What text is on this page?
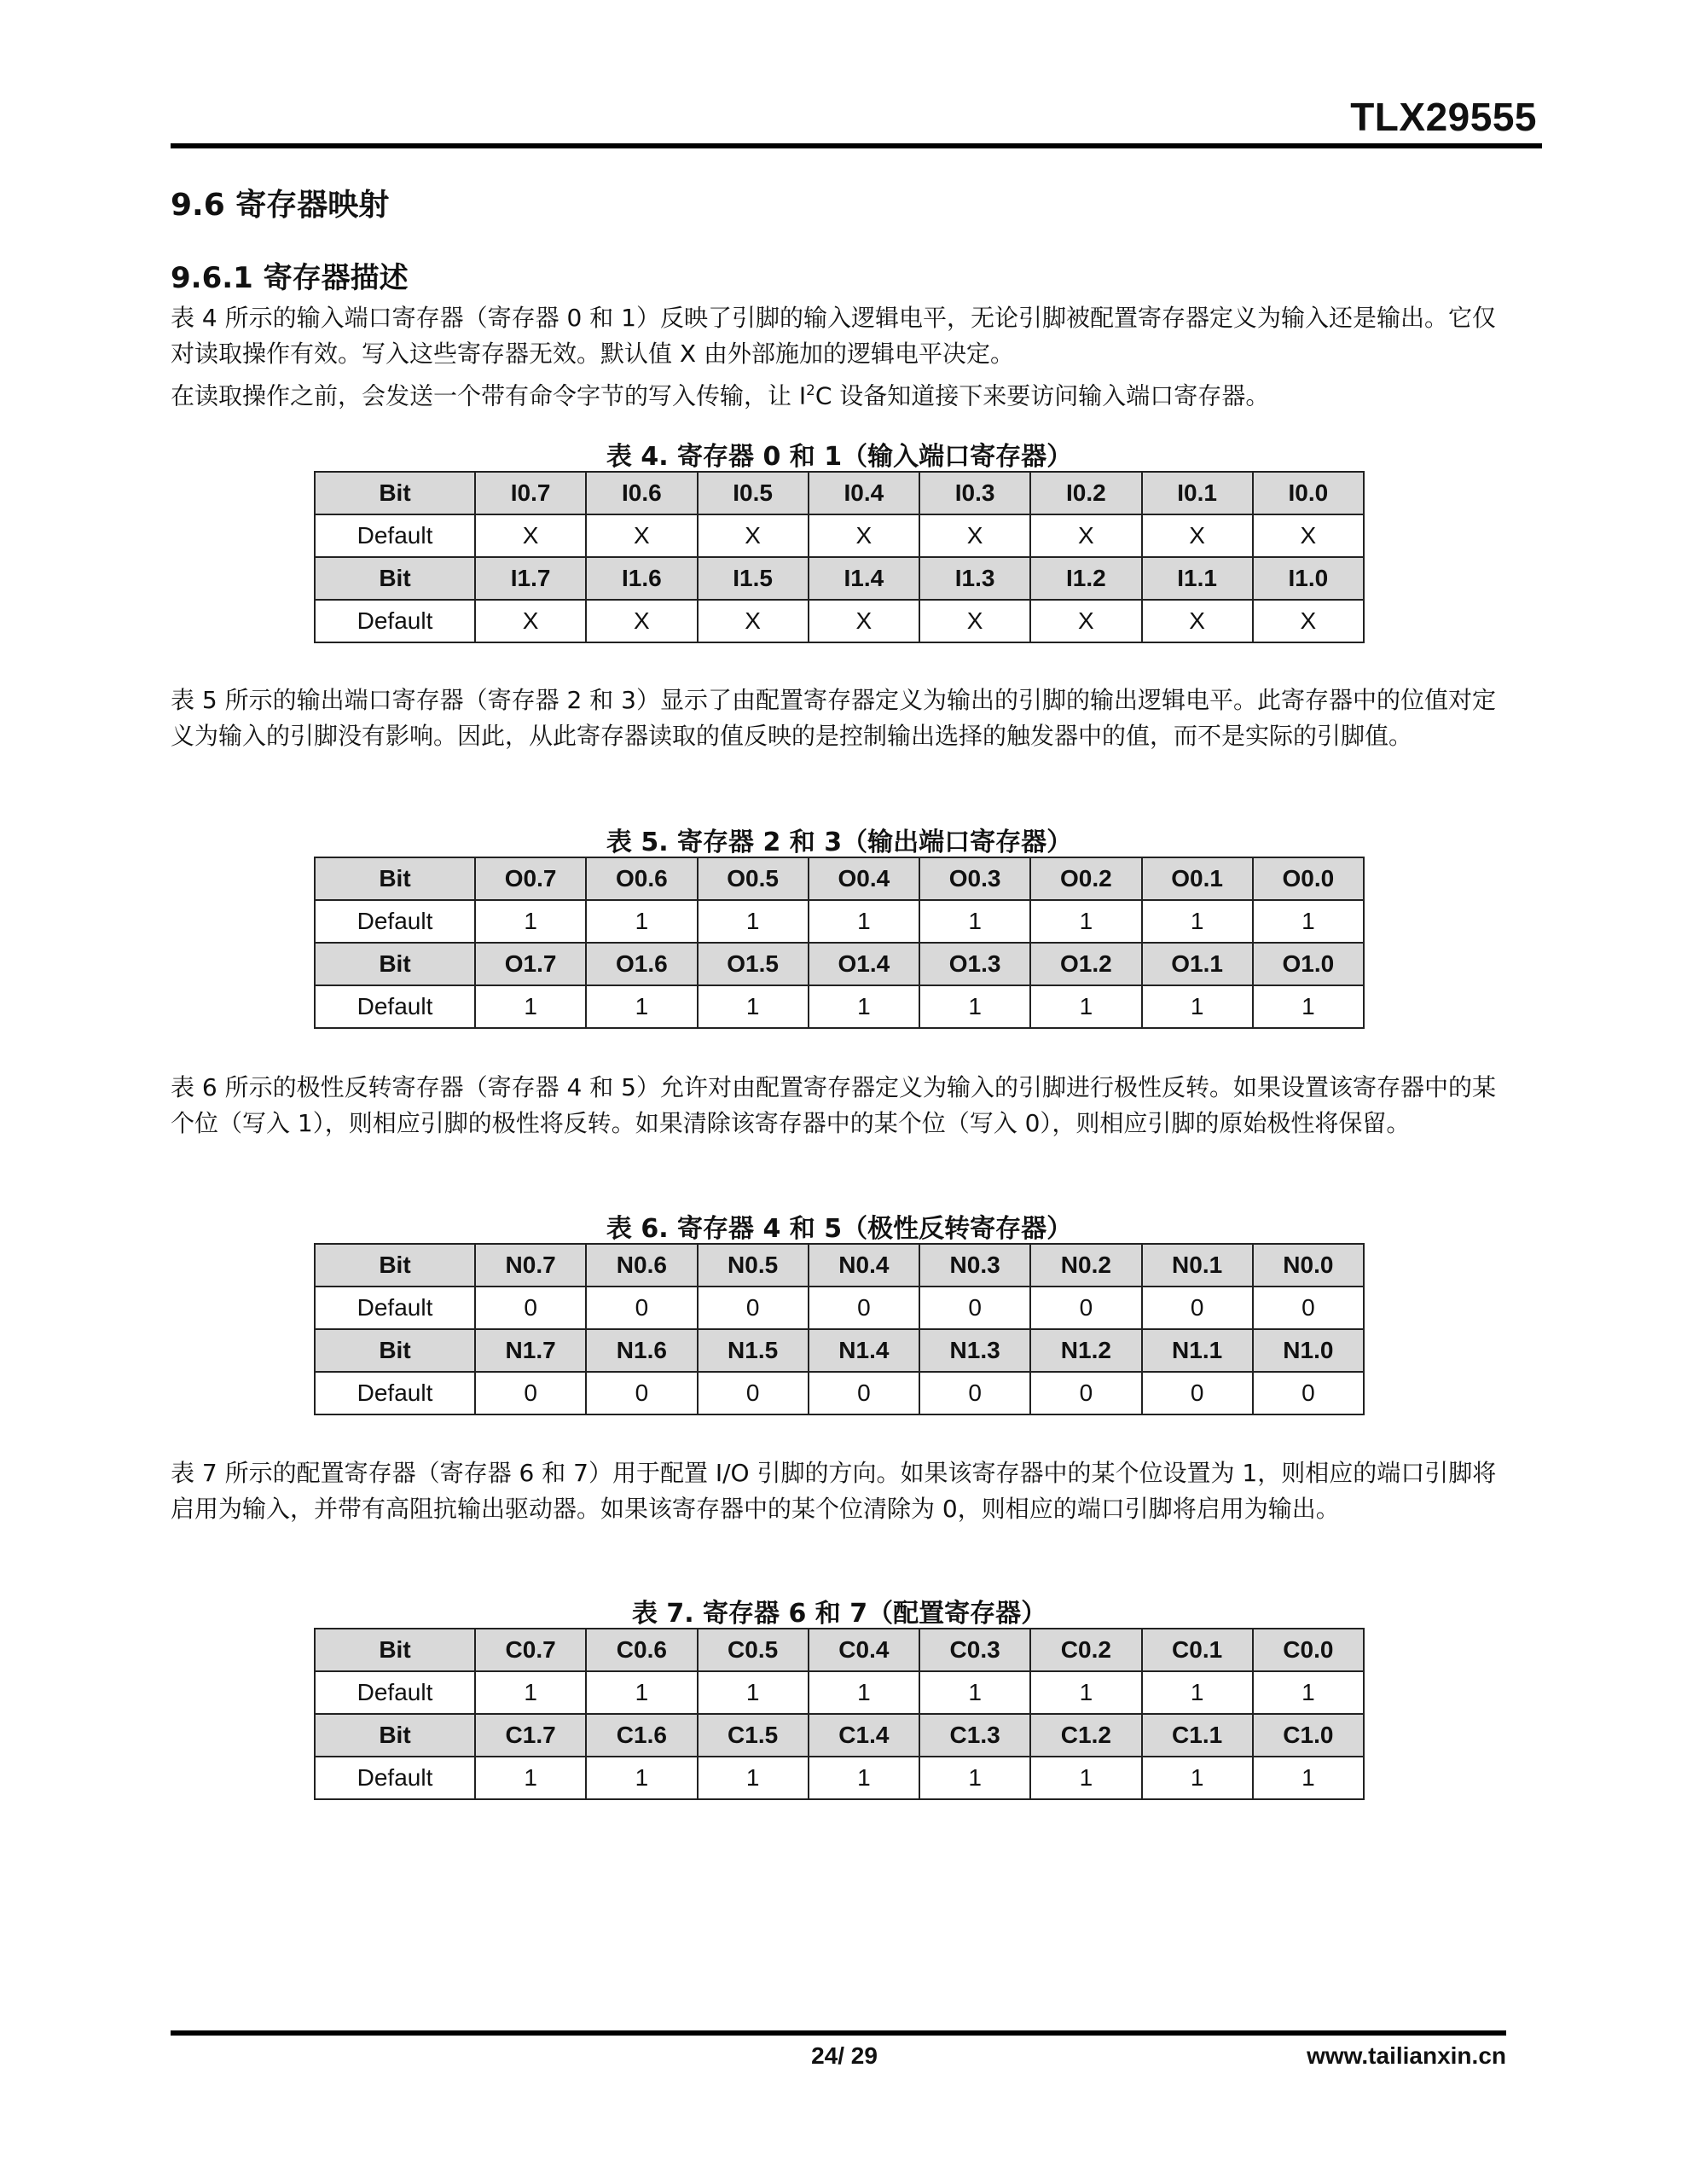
TLX29555
9.6 寄存器映射
9.6.1 寄存器描述

表 4 所示的输入端口寄存器（寄存器 0 和 1）反映了引脚的输入逻辑电平，无论引脚被配置寄存器定义为输入还是输出。它仅对读取操作有效。写入这些寄存器无效。默认值 X 由外部施加的逻辑电平决定。

在读取操作之前，会发送一个带有命令字节的写入传输，让 $I^2C$ 设备知道接下来要访问输入端口寄存器。

表 4. 寄存器 0 和 1（输入端口寄存器）
Bit	I0.7	I0.6	I0.5	I0.4	I0.3	I0.2	I0.1	I0.0
Default	X	X	X	X	X	X	X	X
Bit	I1.7	I1.6	I1.5	I1.4	I1.3	I1.2	I1.1	I1.0
Default	X	X	X	X	X	X	X	X
表 5 所示的输出端口寄存器（寄存器 2 和 3）显示了由配置寄存器定义为输出的引脚的输出逻辑电平。此寄存器中的位值对定义为输入的引脚没有影响。因此，从此寄存器读取的值反映的是控制输出选择的触发器中的值，而不是实际的引脚值。
表 5. 寄存器 2 和 3（输出端口寄存器）
Bit	O0.7	O0.6	O0.5	O0.4	O0.3	O0.2	O0.1	O0.0
Default	1	1	1	1	1	1	1	1
Bit	O1.7	O1.6	O1.5	O1.4	O1.3	O1.2	O1.1	O1.0
Default	1	1	1	1	1	1	1	1
表 6 所示的极性反转寄存器（寄存器 4 和 5）允许对由配置寄存器定义为输入的引脚进行极性反转。如果设置该寄存器中的某个位（写入 1），则相应引脚的极性将反转。如果清除该寄存器中的某个位（写入 0），则相应引脚的原始极性将保留。
表 6. 寄存器 4 和 5（极性反转寄存器）
Bit	N0.7	N0.6	N0.5	N0.4	N0.3	N0.2	N0.1	N0.0
Default	0	0	0	0	0	0	0	0
Bit	N1.7	N1.6	N1.5	N1.4	N1.3	N1.2	N1.1	N1.0
Default	0	0	0	0	0	0	0	0
表 7 所示的配置寄存器（寄存器 6 和 7）用于配置 I/O 引脚的方向。如果该寄存器中的某个位设置为 1，则相应的端口引脚将启用为输入，并带有高阻抗输出驱动器。如果该寄存器中的某个位清除为 0，则相应的端口引脚将启用为输出。
表 7. 寄存器 6 和 7（配置寄存器）
Bit	C0.7	C0.6	C0.5	C0.4	C0.3	C0.2	C0.1	C0.0
Default	1	1	1	1	1	1	1	1
Bit	C1.7	C1.6	C1.5	C1.4	C1.3	C1.2	C1.1	C1.0
Default	1	1	1	1	1	1	1	1
24/ 29	www.tailianxin.cn
